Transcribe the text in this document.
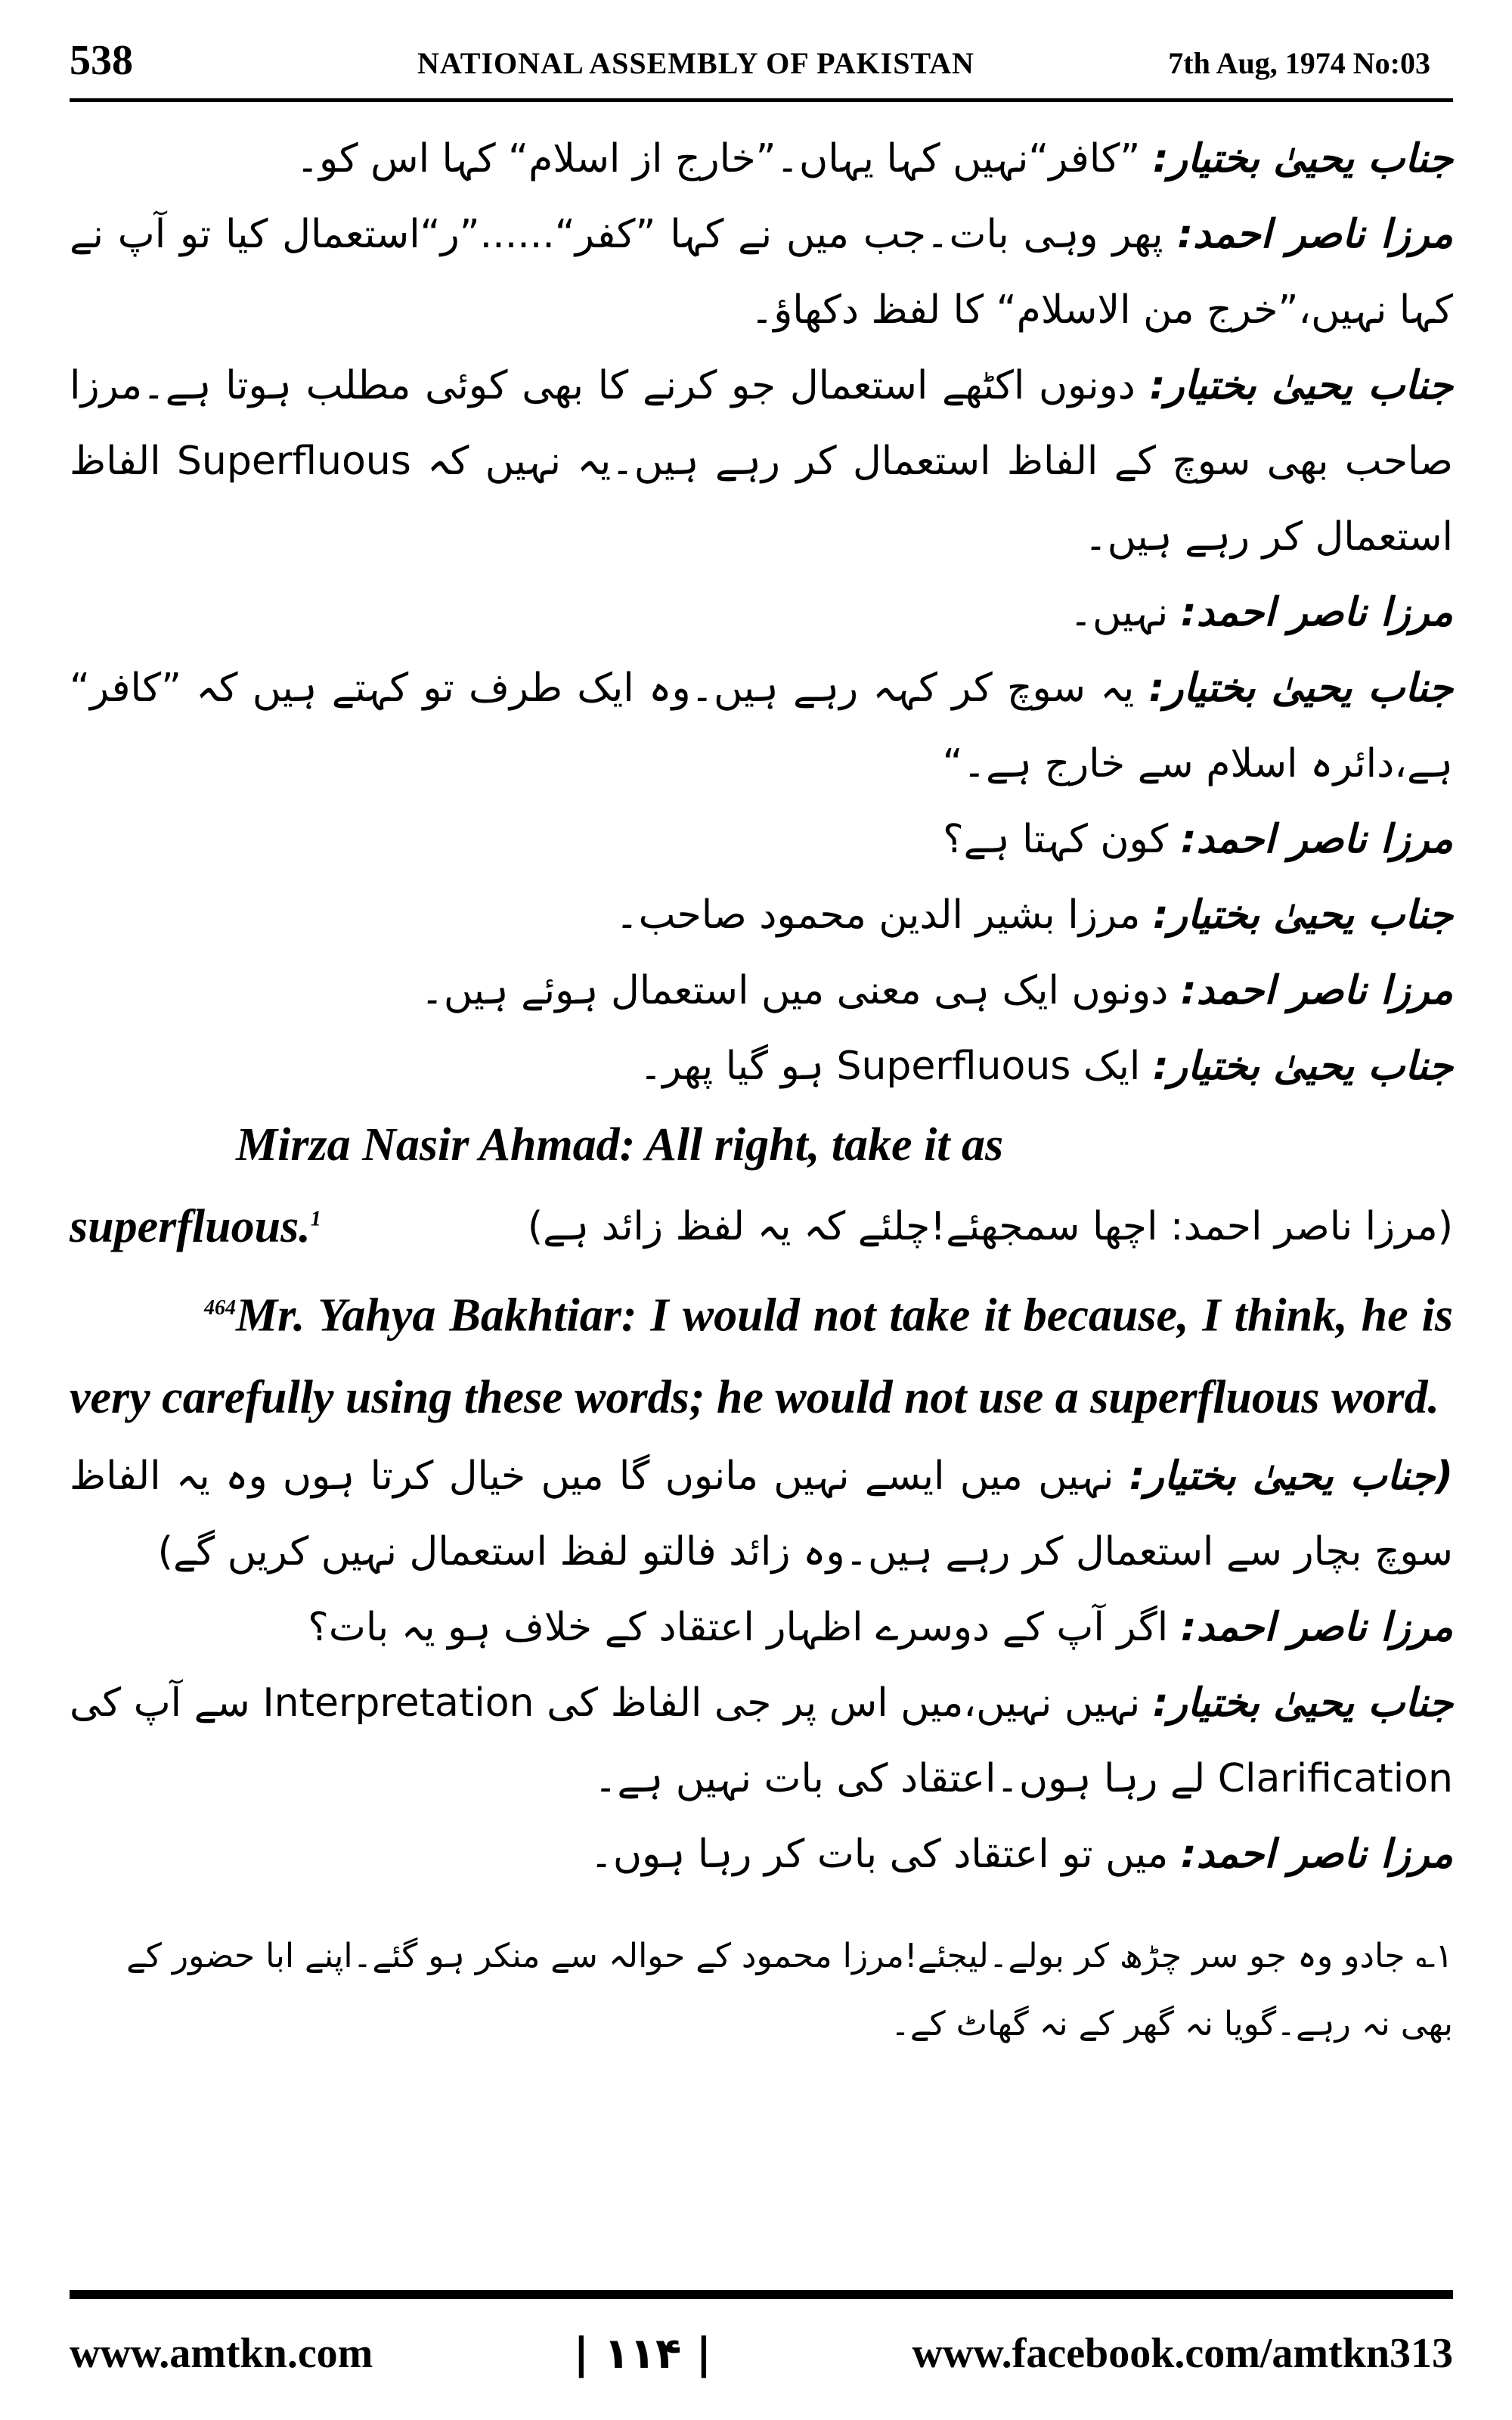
538	NATIONAL ASSEMBLY OF PAKISTAN	7th Aug, 1974 No:03

جناب یحییٰ بختیار: ”کافر“نہیں کہا یہاں۔”خارج از اسلام“ کہا اس کو۔

مرزا ناصر احمد: پھر وہی بات۔جب میں نے کہا ”کفر“......”ر“استعمال کیا تو آپ نے کہا نہیں،”خرج من الاسلام“ کا لفظ دکھاؤ۔

جناب یحییٰ بختیار: دونوں اکٹھے استعمال جو کرنے کا بھی کوئی مطلب ہوتا ہے۔مرزا صاحب بھی سوچ کے الفاظ استعمال کر رہے ہیں۔یہ نہیں کہ Superfluous الفاظ استعمال کر رہے ہیں۔

مرزا ناصر احمد: نہیں۔

جناب یحییٰ بختیار: یہ سوچ کر کہہ رہے ہیں۔وہ ایک طرف تو کہتے ہیں کہ ”کافر“ ہے،دائرہ اسلام سے خارج ہے۔“

مرزا ناصر احمد: کون کہتا ہے؟

جناب یحییٰ بختیار: مرزا بشیر الدین محمود صاحب۔

مرزا ناصر احمد: دونوں ایک ہی معنی میں استعمال ہوئے ہیں۔

جناب یحییٰ بختیار: ایک Superfluous ہو گیا پھر۔

Mirza Nasir Ahmad: All right, take it as

superfluous.$^1$	(مرزا ناصر احمد: اچھا سمجھئے!چلئے کہ یہ لفظ زائد ہے)

$^{464}$Mr. Yahya Bakhtiar: I would not take it because, I think, he is very carefully using these words; he would not use a superfluous word.

(جناب یحییٰ بختیار: نہیں میں ایسے نہیں مانوں گا میں خیال کرتا ہوں وہ یہ الفاظ سوچ بچار سے استعمال کر رہے ہیں۔وہ زائد فالتو لفظ استعمال نہیں کریں گے)

مرزا ناصر احمد: اگر آپ کے دوسرے اظہار اعتقاد کے خلاف ہو یہ بات؟

جناب یحییٰ بختیار: نہیں نہیں،میں اس پر جی الفاظ کی Interpretation سے آپ کی Clarification لے رہا ہوں۔اعتقاد کی بات نہیں ہے۔

مرزا ناصر احمد: میں تو اعتقاد کی بات کر رہا ہوں۔

۱؎ جادو وہ جو سر چڑھ کر بولے۔لیجئے!مرزا محمود کے حوالہ سے منکر ہو گئے۔اپنے ابا حضور کے بھی نہ رہے۔گویا نہ گھر کے نہ گھاٹ کے۔

www.amtkn.com	| ۱۱۴ |	www.facebook.com/amtkn313
